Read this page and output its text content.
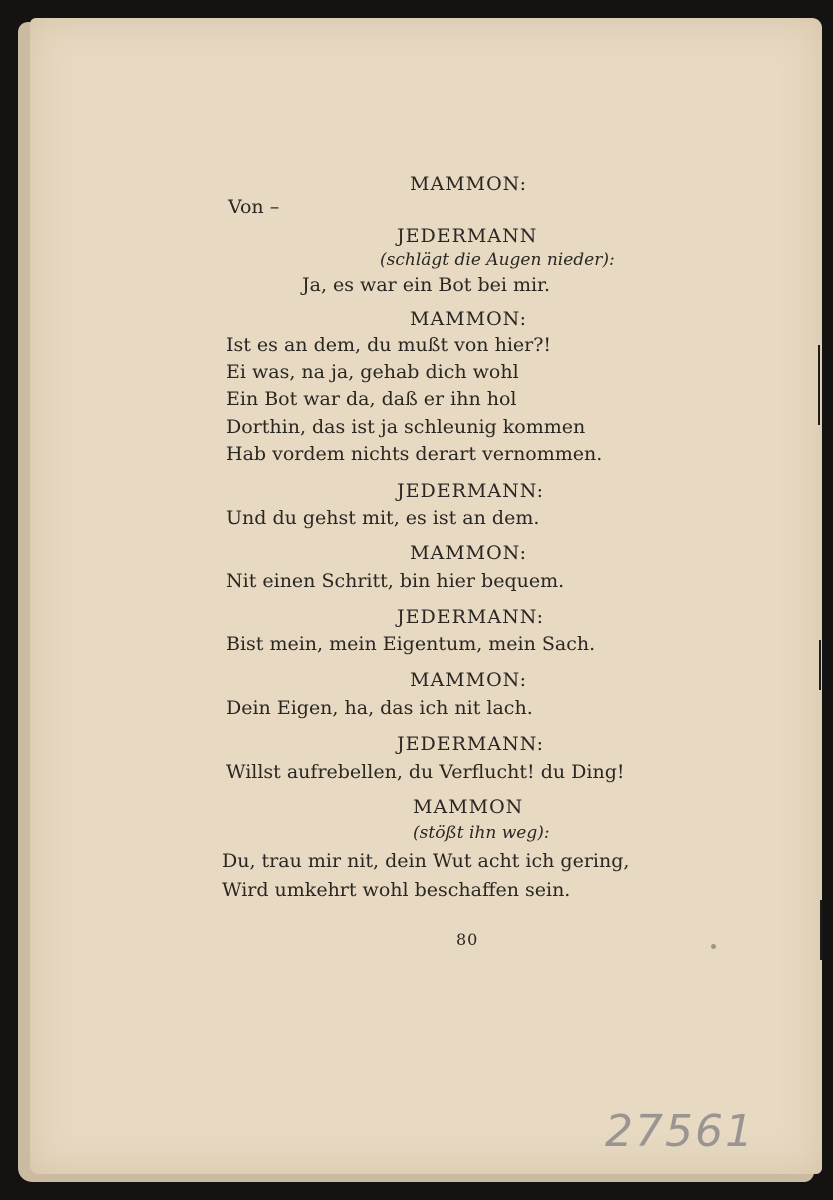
MAMMON:
Von –
JEDERMANN
(schlägt die Augen nieder):
Ja, es war ein Bot bei mir.
MAMMON:
Ist es an dem, du mußt von hier?!
Ei was, na ja, gehab dich wohl
Ein Bot war da, daß er ihn hol
Dorthin, das ist ja schleunig kommen
Hab vordem nichts derart vernommen.
JEDERMANN:
Und du gehst mit, es ist an dem.
MAMMON:
Nit einen Schritt, bin hier bequem.
JEDERMANN:
Bist mein, mein Eigentum, mein Sach.
MAMMON:
Dein Eigen, ha, das ich nit lach.
JEDERMANN:
Willst aufrebellen, du Verflucht! du Ding!
MAMMON
(stößt ihn weg):
Du, trau mir nit, dein Wut acht ich gering,
Wird umkehrt wohl beschaffen sein.
80
27561
